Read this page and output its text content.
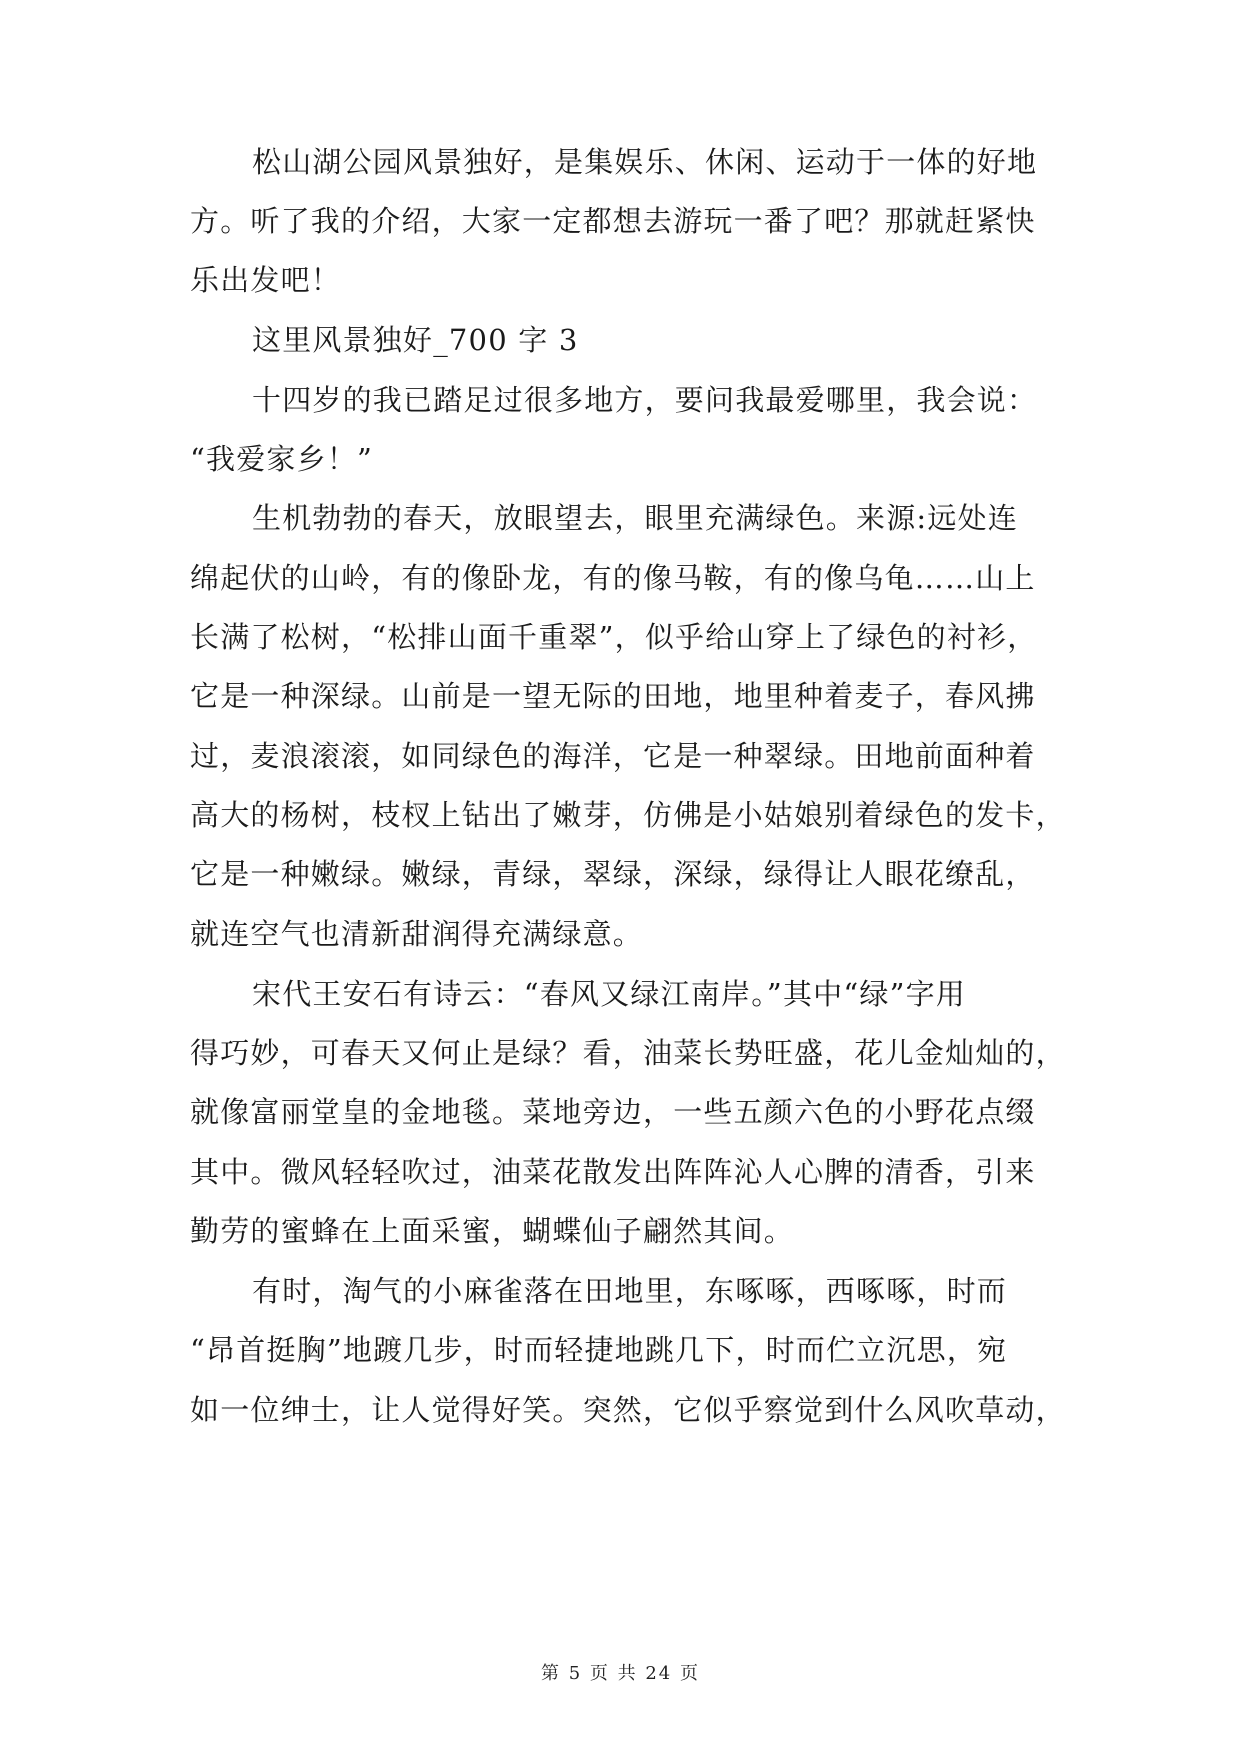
松山湖公园风景独好，是集娱乐、休闲、运动于一体的好地
方。听了我的介绍，大家一定都想去游玩一番了吧？那就赶紧快
乐出发吧！
这里风景独好_700 字 3
十四岁的我已踏足过很多地方，要问我最爱哪里，我会说：
“我爱家乡！”
生机勃勃的春天，放眼望去，眼里充满绿色。来源:远处连
绵起伏的山岭，有的像卧龙，有的像马鞍，有的像乌龟……山上
长满了松树，“松排山面千重翠”，似乎给山穿上了绿色的衬衫，
它是一种深绿。山前是一望无际的田地，地里种着麦子，春风拂
过，麦浪滚滚，如同绿色的海洋，它是一种翠绿。田地前面种着
高大的杨树，枝杈上钻出了嫩芽，仿佛是小姑娘别着绿色的发卡，
它是一种嫩绿。嫩绿，青绿，翠绿，深绿，绿得让人眼花缭乱，
就连空气也清新甜润得充满绿意。
宋代王安石有诗云：“春风又绿江南岸。”其中“绿”字用
得巧妙，可春天又何止是绿？看，油菜长势旺盛，花儿金灿灿的，
就像富丽堂皇的金地毯。菜地旁边，一些五颜六色的小野花点缀
其中。微风轻轻吹过，油菜花散发出阵阵沁人心脾的清香，引来
勤劳的蜜蜂在上面采蜜，蝴蝶仙子翩然其间。
有时，淘气的小麻雀落在田地里，东啄啄，西啄啄，时而
“昂首挺胸”地踱几步，时而轻捷地跳几下，时而伫立沉思，宛
如一位绅士，让人觉得好笑。突然，它似乎察觉到什么风吹草动，
第 5 页 共 24 页
